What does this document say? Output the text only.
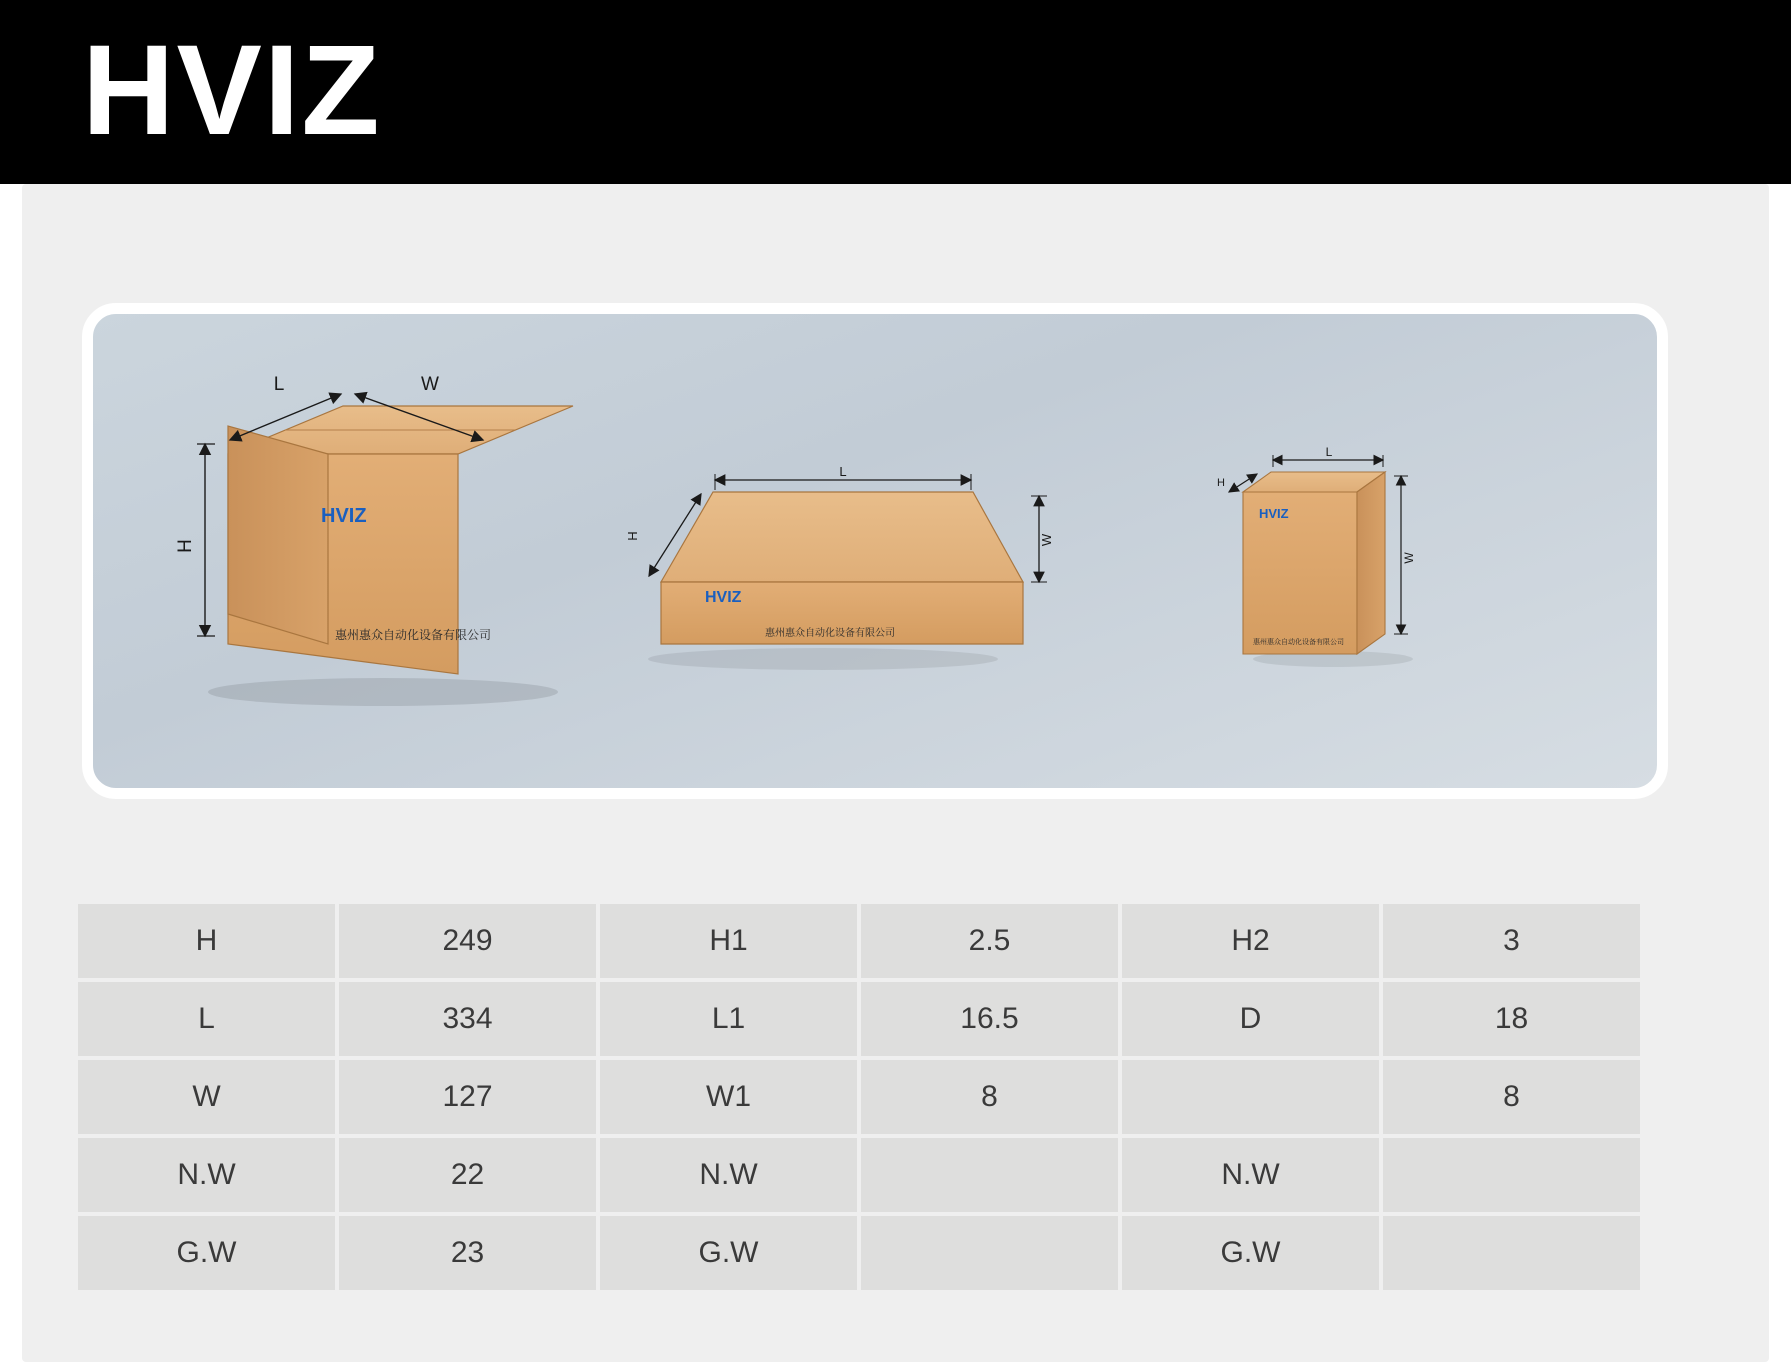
HVIZ
HVIZ
惠州惠众自动化设备有限公司
L	W
H
HVIZ
惠州惠众自动化设备有限公司
L
H	W
HVIZ
惠州惠众自动化设备有限公司
L
H
W
H	249	H1	2.5	H2	3
L	334	L1	16.5	D	18
W	127	W1	8		8
N.W	22	N.W		N.W	
G.W	23	G.W		G.W	
